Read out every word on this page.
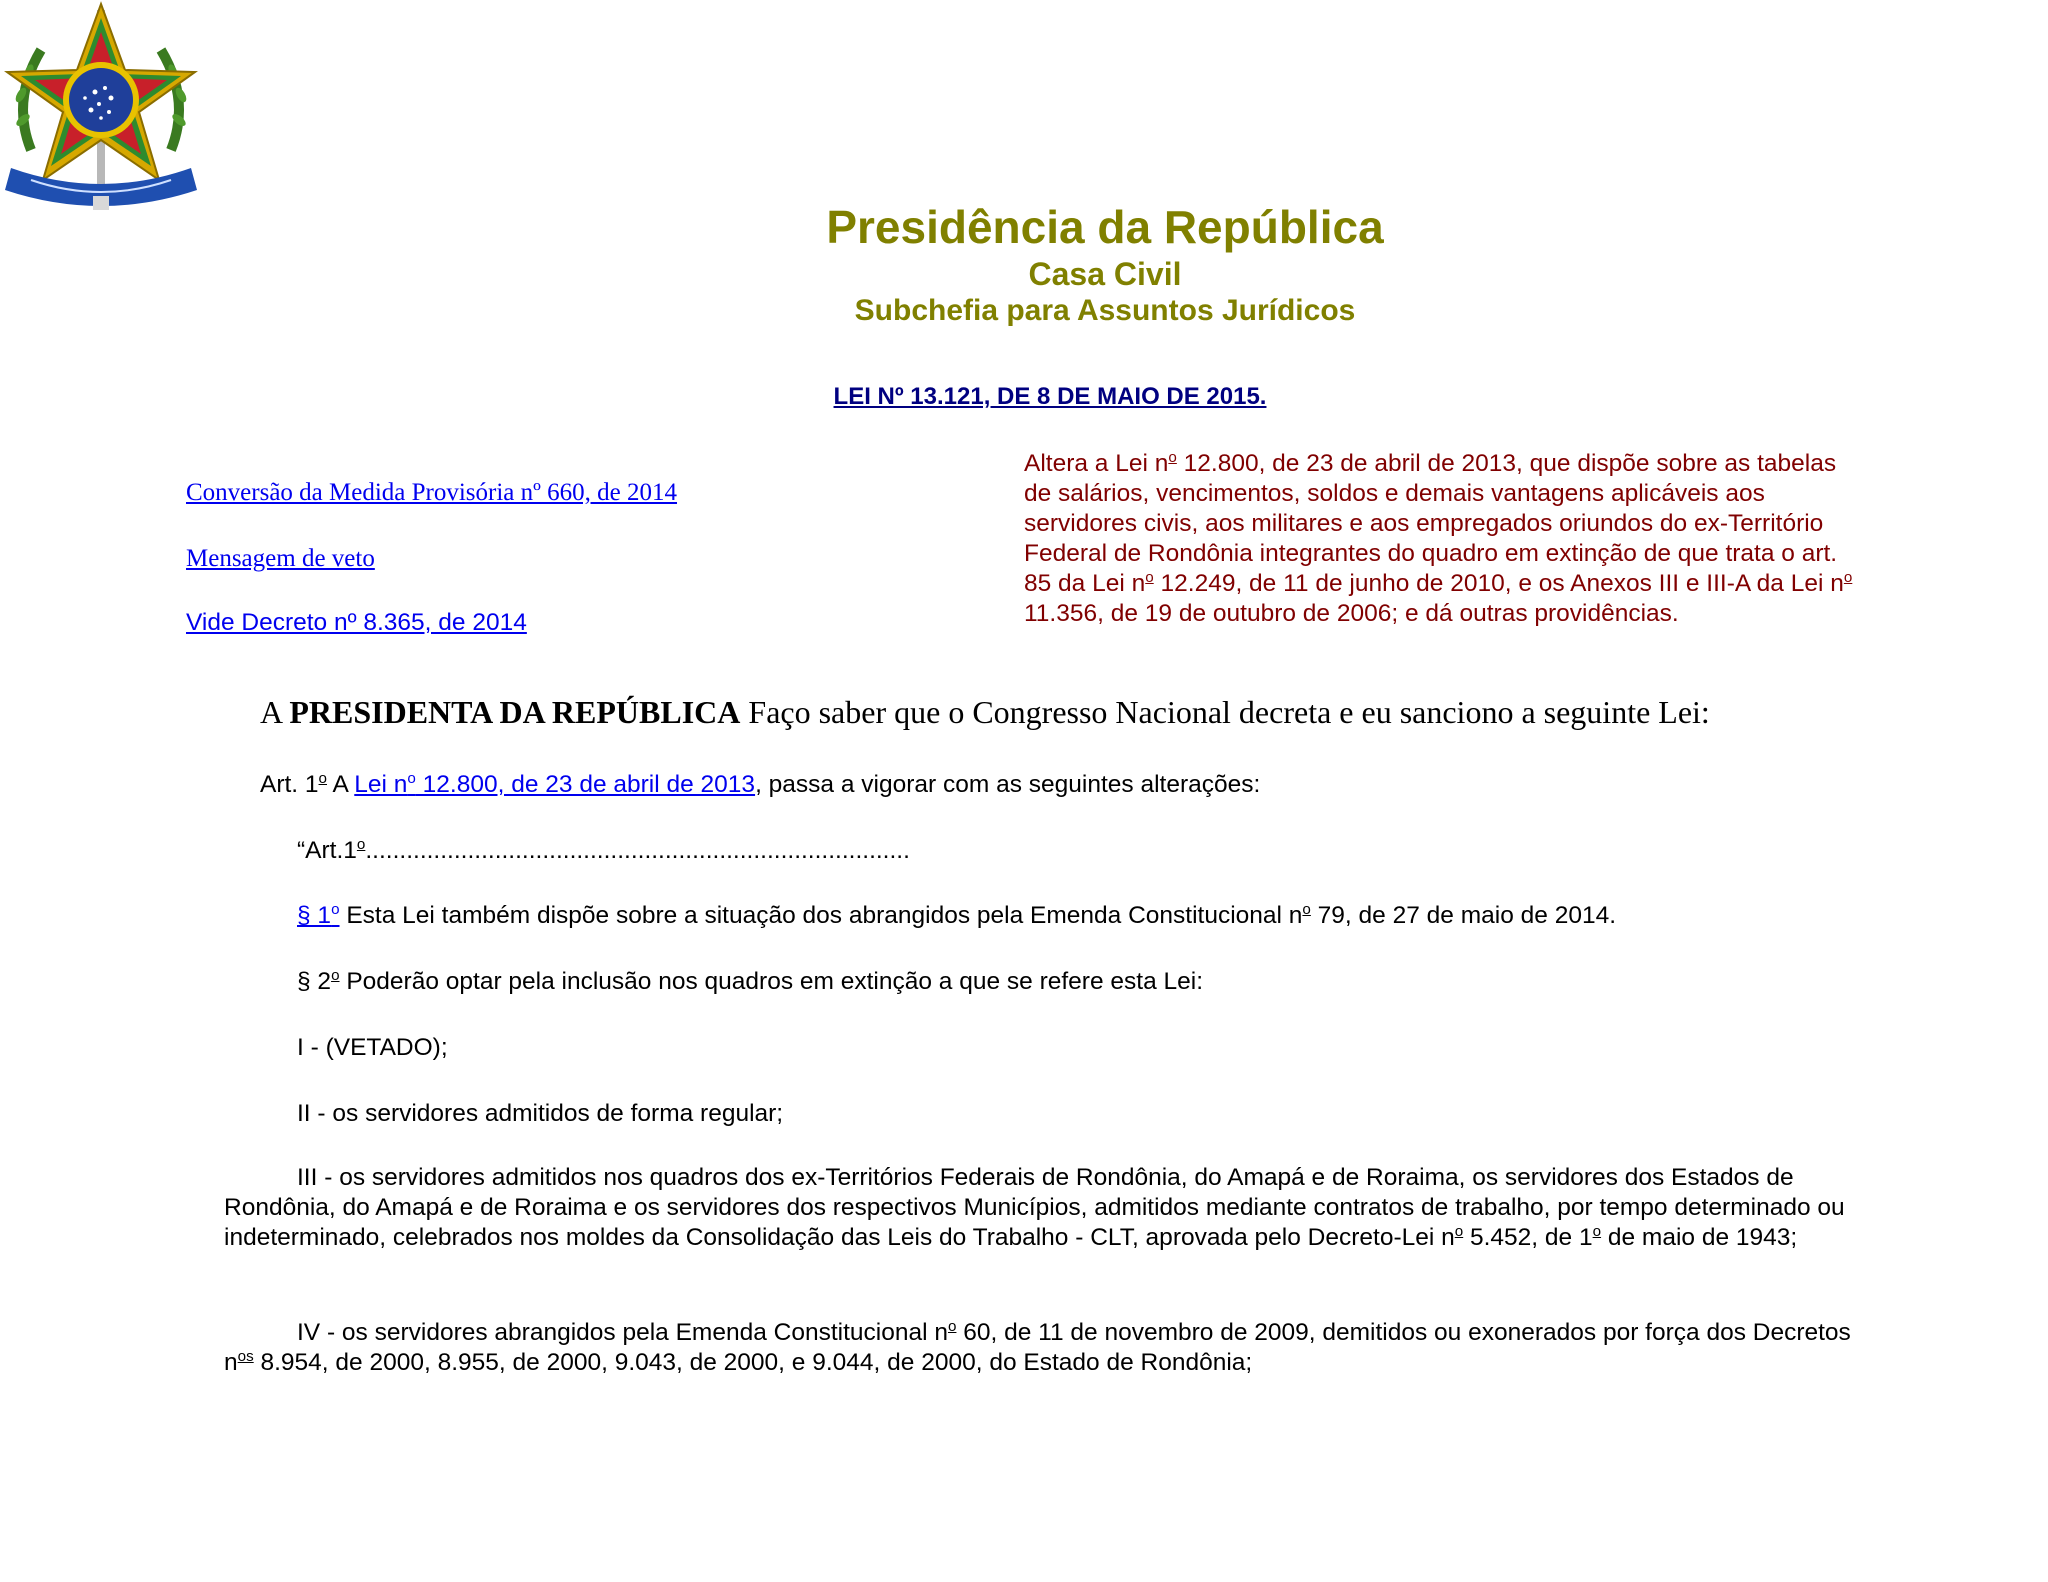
Presidência da República
Casa Civil
Subchefia para Assuntos Jurídicos
LEI Nº 13.121, DE 8 DE MAIO DE 2015.
Conversão da Medida Provisória nº 660, de 2014
Mensagem de veto
Vide Decreto nº 8.365, de 2014
Altera a Lei $n^o$ 12.800, de 23 de abril de 2013, que dispõe sobre as tabelas de salários, vencimentos, soldos e demais vantagens aplicáveis aos servidores civis, aos militares e aos empregados oriundos do ex-Território Federal de Rondônia integrantes do quadro em extinção de que trata o art. 85 da Lei $n^o$ 12.249, de 11 de junho de 2010, e os Anexos III e III-A da Lei $n^o$ 11.356, de 19 de outubro de 2006; e dá outras providências.
A PRESIDENTA DA REPÚBLICA Faço saber que o Congresso Nacional decreta e eu sanciono a seguinte Lei:
Art. 1$^o$ A Lei n$^o$ 12.800, de 23 de abril de 2013, passa a vigorar com as seguintes alterações:
“Art.1$^o$................................................................................
§ 1$^o$ Esta Lei também dispõe sobre a situação dos abrangidos pela Emenda Constitucional $n^o$ 79, de 27 de maio de 2014.
§ 2$^o$ Poderão optar pela inclusão nos quadros em extinção a que se refere esta Lei:
I - (VETADO);
II - os servidores admitidos de forma regular;
III - os servidores admitidos nos quadros dos ex-Territórios Federais de Rondônia, do Amapá e de Roraima, os servidores dos Estados de Rondônia, do Amapá e de Roraima e os servidores dos respectivos Municípios, admitidos mediante contratos de trabalho, por tempo determinado ou indeterminado, celebrados nos moldes da Consolidação das Leis do Trabalho - CLT, aprovada pelo Decreto-Lei $n^o$ 5.452, de 1$^o$ de maio de 1943;
IV - os servidores abrangidos pela Emenda Constitucional $n^o$ 60, de 11 de novembro de 2009, demitidos ou exonerados por força dos Decretos $n^{os}$ 8.954, de 2000, 8.955, de 2000, 9.043, de 2000, e 9.044, de 2000, do Estado de Rondônia;
